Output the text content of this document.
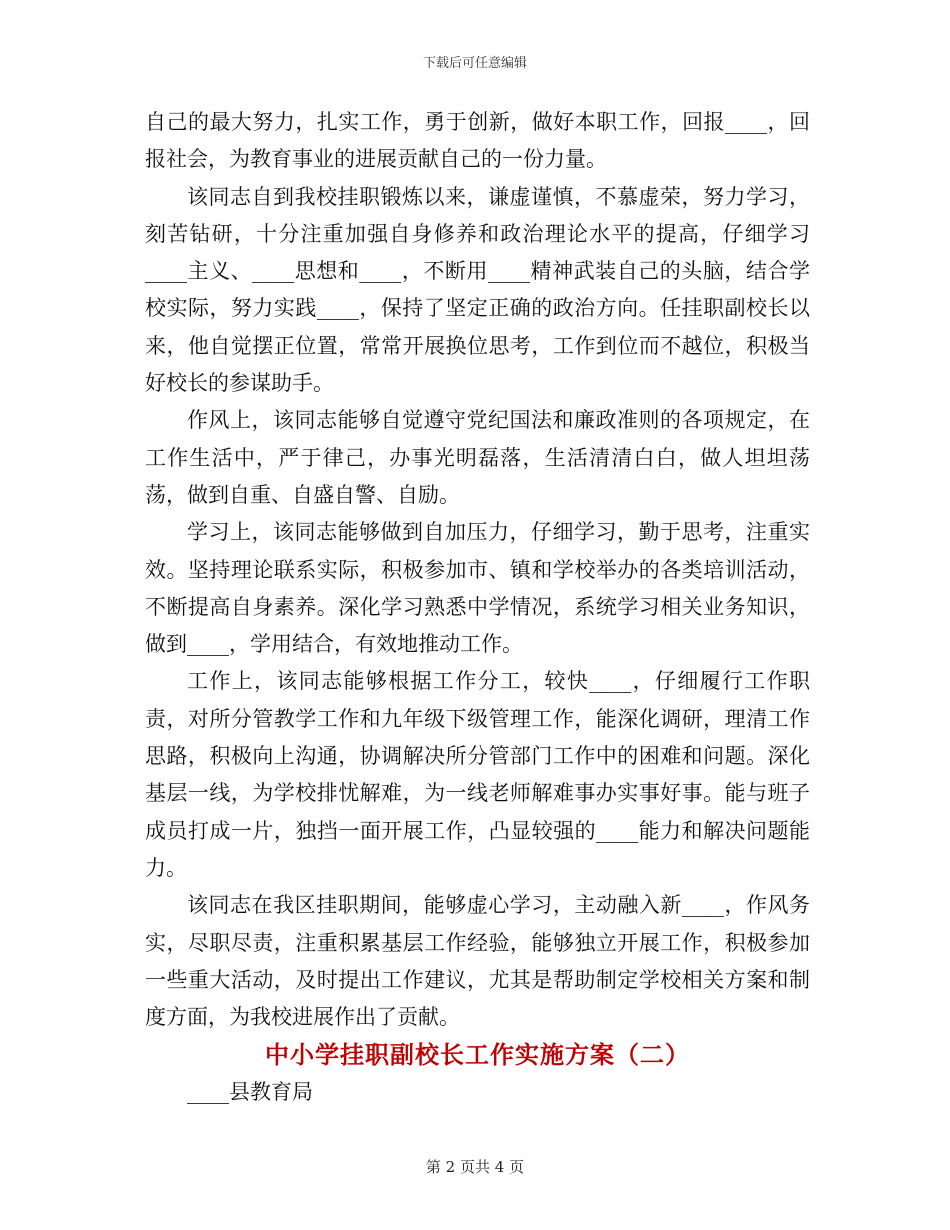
下载后可任意编辑

自己的最大努力，扎实工作，勇于创新，做好本职工作，回报____，回报社会，为教育事业的进展贡献自己的一份力量。

该同志自到我校挂职锻炼以来，谦虚谨慎，不慕虚荣，努力学习，刻苦钻研，十分注重加强自身修养和政治理论水平的提高，仔细学习____主义、____思想和____，不断用____精神武装自己的头脑，结合学校实际，努力实践____，保持了坚定正确的政治方向。任挂职副校长以来，他自觉摆正位置，常常开展换位思考，工作到位而不越位，积极当好校长的参谋助手。

作风上，该同志能够自觉遵守党纪国法和廉政准则的各项规定，在工作生活中，严于律己，办事光明磊落，生活清清白白，做人坦坦荡荡，做到自重、自盛自警、自励。

学习上，该同志能够做到自加压力，仔细学习，勤于思考，注重实效。坚持理论联系实际，积极参加市、镇和学校举办的各类培训活动，不断提高自身素养。深化学习熟悉中学情况，系统学习相关业务知识，做到____，学用结合，有效地推动工作。

工作上，该同志能够根据工作分工，较快____，仔细履行工作职责，对所分管教学工作和九年级下级管理工作，能深化调研，理清工作思路，积极向上沟通，协调解决所分管部门工作中的困难和问题。深化基层一线，为学校排忧解难，为一线老师解难事办实事好事。能与班子成员打成一片，独挡一面开展工作，凸显较强的____能力和解决问题能力。

该同志在我区挂职期间，能够虚心学习，主动融入新____，作风务实，尽职尽责，注重积累基层工作经验，能够独立开展工作，积极参加一些重大活动，及时提出工作建议，尤其是帮助制定学校相关方案和制度方面，为我校进展作出了贡献。

中小学挂职副校长工作实施方案（二）

____县教育局

第 2 页共 4 页
